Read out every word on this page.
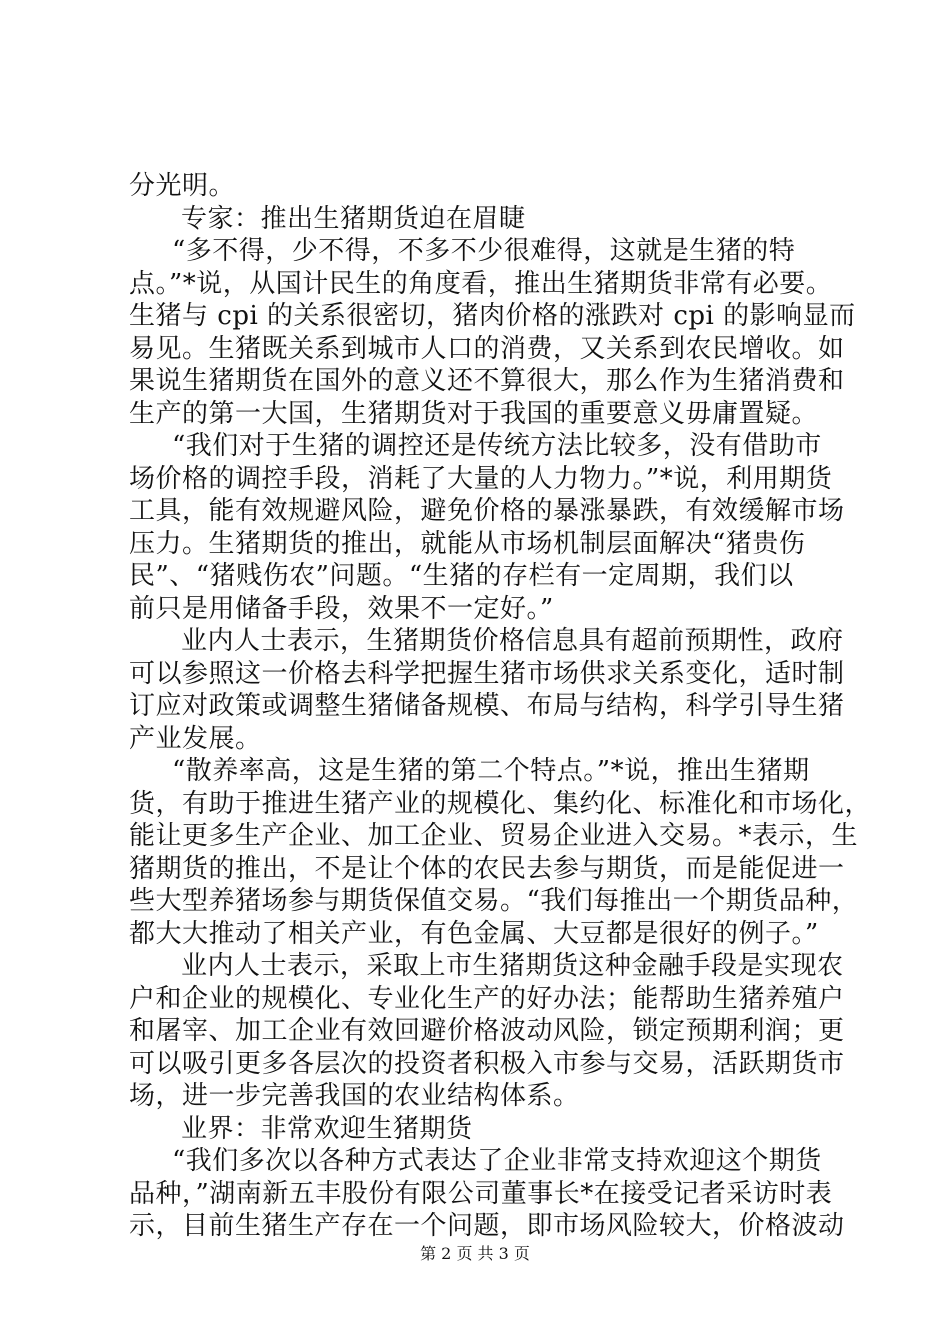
分光明。
专家：推出生猪期货迫在眉睫
“多不得，少不得，不多不少很难得，这就是生猪的特
点。”*说，从国计民生的角度看，推出生猪期货非常有必要。
生猪与 cpi 的关系很密切，猪肉价格的涨跌对 cpi 的影响显而
易见。生猪既关系到城市人口的消费，又关系到农民增收。如
果说生猪期货在国外的意义还不算很大，那么作为生猪消费和
生产的第一大国，生猪期货对于我国的重要意义毋庸置疑。
“我们对于生猪的调控还是传统方法比较多，没有借助市
场价格的调控手段，消耗了大量的人力物力。”*说，利用期货
工具，能有效规避风险，避免价格的暴涨暴跌，有效缓解市场
压力。生猪期货的推出，就能从市场机制层面解决“猪贵伤
民”、“猪贱伤农”问题。“生猪的存栏有一定周期，我们以
前只是用储备手段，效果不一定好。”
业内人士表示，生猪期货价格信息具有超前预期性，政府
可以参照这一价格去科学把握生猪市场供求关系变化，适时制
订应对政策或调整生猪储备规模、布局与结构，科学引导生猪
产业发展。
“散养率高，这是生猪的第二个特点。”*说，推出生猪期
货，有助于推进生猪产业的规模化、集约化、标准化和市场化，
能让更多生产企业、加工企业、贸易企业进入交易。*表示，生
猪期货的推出，不是让个体的农民去参与期货，而是能促进一
些大型养猪场参与期货保值交易。“我们每推出一个期货品种，
都大大推动了相关产业，有色金属、大豆都是很好的例子。”
业内人士表示，采取上市生猪期货这种金融手段是实现农
户和企业的规模化、专业化生产的好办法；能帮助生猪养殖户
和屠宰、加工企业有效回避价格波动风险，锁定预期利润；更
可以吸引更多各层次的投资者积极入市参与交易，活跃期货市
场，进一步完善我国的农业结构体系。
业界：非常欢迎生猪期货
“我们多次以各种方式表达了企业非常支持欢迎这个期货
品种，”湖南新五丰股份有限公司董事长*在接受记者采访时表
示，目前生猪生产存在一个问题，即市场风险较大，价格波动
第 2 页 共 3 页
